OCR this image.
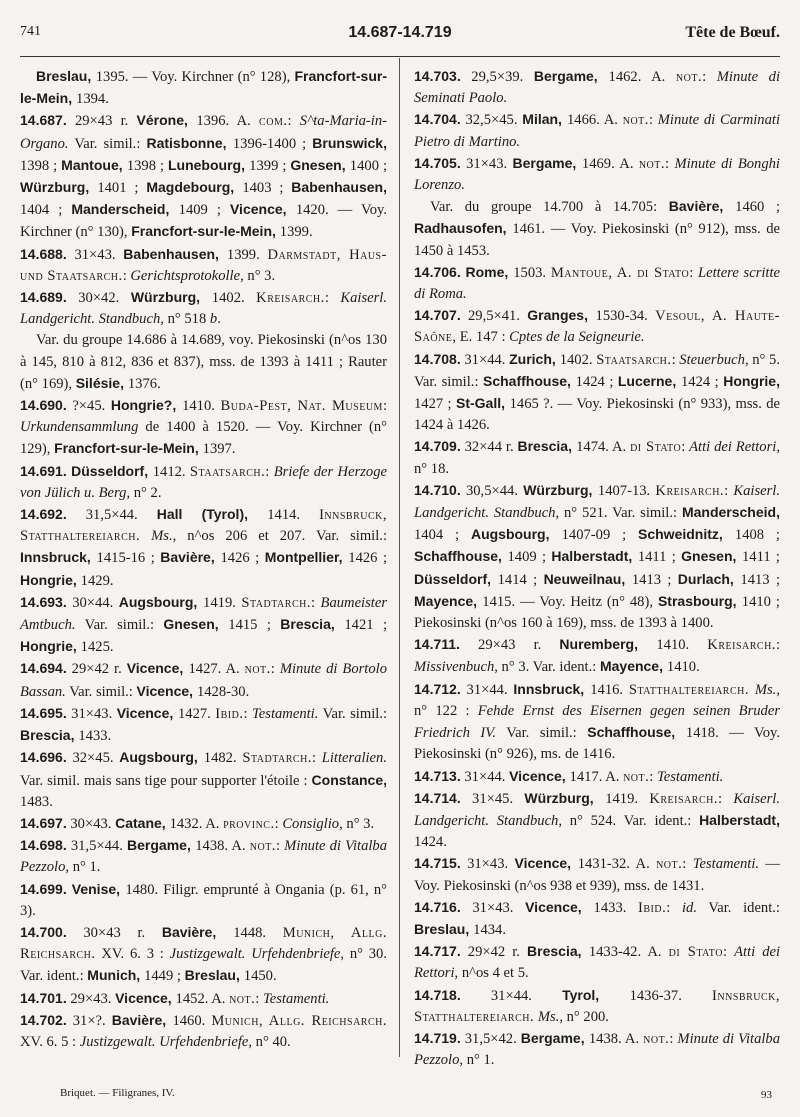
741	14.687-14.719	Tête de Bœuf.

Breslau, 1395. — Voy. Kirchner (n° 128), Francfort-sur-le-Mein, 1394.

14.687. 29×43 r. Vérone, 1396. A. com.: S^ta-Maria-in-Organo. Var. simil.: Ratisbonne, 1396-1400 ; Brunswick, 1398 ; Mantoue, 1398 ; Lunebourg, 1399 ; Gnesen, 1400 ; Würzburg, 1401 ; Magdebourg, 1403 ; Babenhausen, 1404 ; Manderscheid, 1409 ; Vicence, 1420. — Voy. Kirchner (n° 130), Francfort-sur-le-Mein, 1399.

14.688. 31×43. Babenhausen, 1399. Darmstadt, Haus- und Staatsarch.: Gerichtsprotokolle, n° 3.

14.689. 30×42. Würzburg, 1402. Kreisarch.: Kaiserl. Landgericht. Standbuch, n° 518 b.

Var. du groupe 14.686 à 14.689, voy. Piekosinski (n^os 130 à 145, 810 à 812, 836 et 837), mss. de 1393 à 1411 ; Rauter (n° 169), Silésie, 1376.

14.690. ?×45. Hongrie?, 1410. Buda-Pest, Nat. Museum: Urkundensammlung de 1400 à 1520. — Voy. Kirchner (n° 129), Francfort-sur-le-Mein, 1397.

14.691. Düsseldorf, 1412. Staatsarch.: Briefe der Herzoge von Jülich u. Berg, n° 2.

14.692. 31,5×44. Hall (Tyrol), 1414. Innsbruck, Statthaltereiarch. Ms., n^os 206 et 207. Var. simil.: Innsbruck, 1415-16 ; Bavière, 1426 ; Montpellier, 1426 ; Hongrie, 1429.

14.693. 30×44. Augsbourg, 1419. Stadtarch.: Baumeister Amtbuch. Var. simil.: Gnesen, 1415 ; Brescia, 1421 ; Hongrie, 1425.

14.694. 29×42 r. Vicence, 1427. A. not.: Minute di Bortolo Bassan. Var. simil.: Vicence, 1428-30.

14.695. 31×43. Vicence, 1427. Ibid.: Testamenti. Var. simil.: Brescia, 1433.

14.696. 32×45. Augsbourg, 1482. Stadtarch.: Litteralien. Var. simil. mais sans tige pour supporter l'étoile : Constance, 1483.

14.697. 30×43. Catane, 1432. A. provinc.: Consiglio, n° 3.

14.698. 31,5×44. Bergame, 1438. A. not.: Minute di Vitalba Pezzolo, n° 1.

14.699. Venise, 1480. Filigr. emprunté à Ongania (p. 61, n° 3).

14.700. 30×43 r. Bavière, 1448. Munich, Allg. Reichsarch. XV. 6. 3 : Justizgewalt. Urfehdenbriefe, n° 30. Var. ident.: Munich, 1449 ; Breslau, 1450.

14.701. 29×43. Vicence, 1452. A. not.: Testamenti.

14.702. 31×?. Bavière, 1460. Munich, Allg. Reichsarch. XV. 6. 5 : Justizgewalt. Urfehdenbriefe, n° 40.

14.703. 29,5×39. Bergame, 1462. A. not.: Minute di Seminati Paolo.

14.704. 32,5×45. Milan, 1466. A. not.: Minute di Carminati Pietro di Martino.

14.705. 31×43. Bergame, 1469. A. not.: Minute di Bonghi Lorenzo.

Var. du groupe 14.700 à 14.705: Bavière, 1460 ; Radhausofen, 1461. — Voy. Piekosinski (n° 912), mss. de 1450 à 1453.

14.706. Rome, 1503. Mantoue, A. di Stato: Lettere scritte di Roma.

14.707. 29,5×41. Granges, 1530-34. Vesoul, A. Haute-Saône, E. 147 : Cptes de la Seigneurie.

14.708. 31×44. Zurich, 1402. Staatsarch.: Steuerbuch, n° 5. Var. simil.: Schaffhouse, 1424 ; Lucerne, 1424 ; Hongrie, 1427 ; St-Gall, 1465 ?. — Voy. Piekosinski (n° 933), mss. de 1424 à 1426.

14.709. 32×44 r. Brescia, 1474. A. di Stato: Atti dei Rettori, n° 18.

14.710. 30,5×44. Würzburg, 1407-13. Kreisarch.: Kaiserl. Landgericht. Standbuch, n° 521. Var. simil.: Manderscheid, 1404 ; Augsbourg, 1407-09 ; Schweidnitz, 1408 ; Schaffhouse, 1409 ; Halberstadt, 1411 ; Gnesen, 1411 ; Düsseldorf, 1414 ; Neuweilnau, 1413 ; Durlach, 1413 ; Mayence, 1415. — Voy. Heitz (n° 48), Strasbourg, 1410 ; Piekosinski (n^os 160 à 169), mss. de 1393 à 1400.

14.711. 29×43 r. Nuremberg, 1410. Kreisarch.: Missivenbuch, n° 3. Var. ident.: Mayence, 1410.

14.712. 31×44. Innsbruck, 1416. Statthaltereiarch. Ms., n° 122 : Fehde Ernst des Eisernen gegen seinen Bruder Friedrich IV. Var. simil.: Schaffhouse, 1418. — Voy. Piekosinski (n° 926), ms. de 1416.

14.713. 31×44. Vicence, 1417. A. not.: Testamenti.

14.714. 31×45. Würzburg, 1419. Kreisarch.: Kaiserl. Landgericht. Standbuch, n° 524. Var. ident.: Halberstadt, 1424.

14.715. 31×43. Vicence, 1431-32. A. not.: Testamenti. — Voy. Piekosinski (n^os 938 et 939), mss. de 1431.

14.716. 31×43. Vicence, 1433. Ibid.: id. Var. ident.: Breslau, 1434.

14.717. 29×42 r. Brescia, 1433-42. A. di Stato: Atti dei Rettori, n^os 4 et 5.

14.718. 31×44. Tyrol, 1436-37. Innsbruck, Statthaltereiarch. Ms., n° 200.

14.719. 31,5×42. Bergame, 1438. A. not.: Minute di Vitalba Pezzolo, n° 1.

Briquet. — Filigranes, IV.	93
